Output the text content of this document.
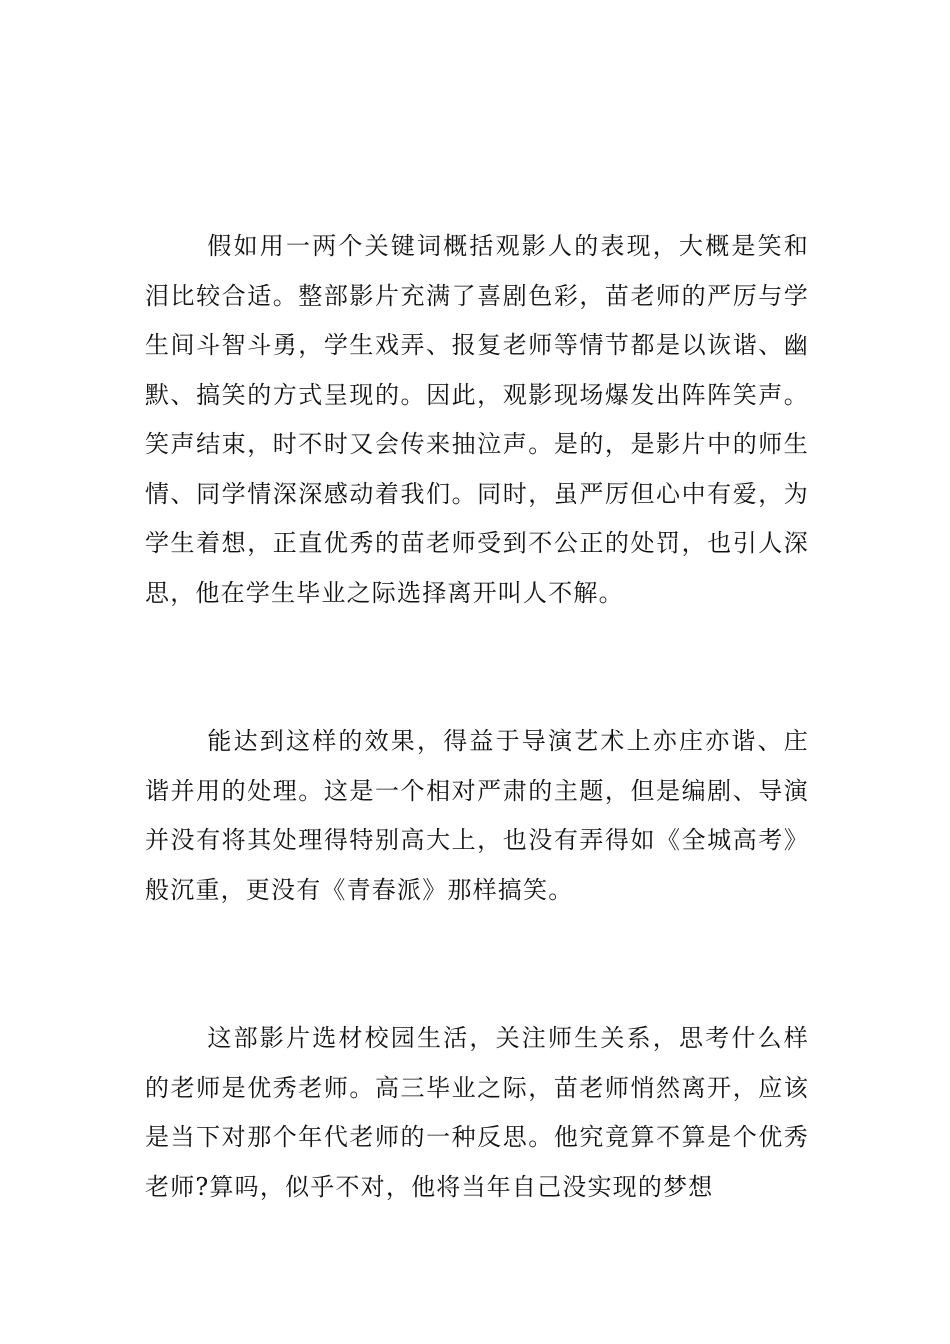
假如用一两个关键词概括观影人的表现，大概是笑和泪比较合适。整部影片充满了喜剧色彩，苗老师的严厉与学生间斗智斗勇，学生戏弄、报复老师等情节都是以诙谐、幽默、搞笑的方式呈现的。因此，观影现场爆发出阵阵笑声。笑声结束，时不时又会传来抽泣声。是的，是影片中的师生情、同学情深深感动着我们。同时，虽严厉但心中有爱，为学生着想，正直优秀的苗老师受到不公正的处罚，也引人深思，他在学生毕业之际选择离开叫人不解。

能达到这样的效果，得益于导演艺术上亦庄亦谐、庄谐并用的处理。这是一个相对严肃的主题，但是编剧、导演并没有将其处理得特别高大上，也没有弄得如《全城高考》般沉重，更没有《青春派》那样搞笑。

这部影片选材校园生活，关注师生关系，思考什么样的老师是优秀老师。高三毕业之际，苗老师悄然离开，应该是当下对那个年代老师的一种反思。他究竟算不算是个优秀老师?算吗，似乎不对，他将当年自己没实现的梦想
